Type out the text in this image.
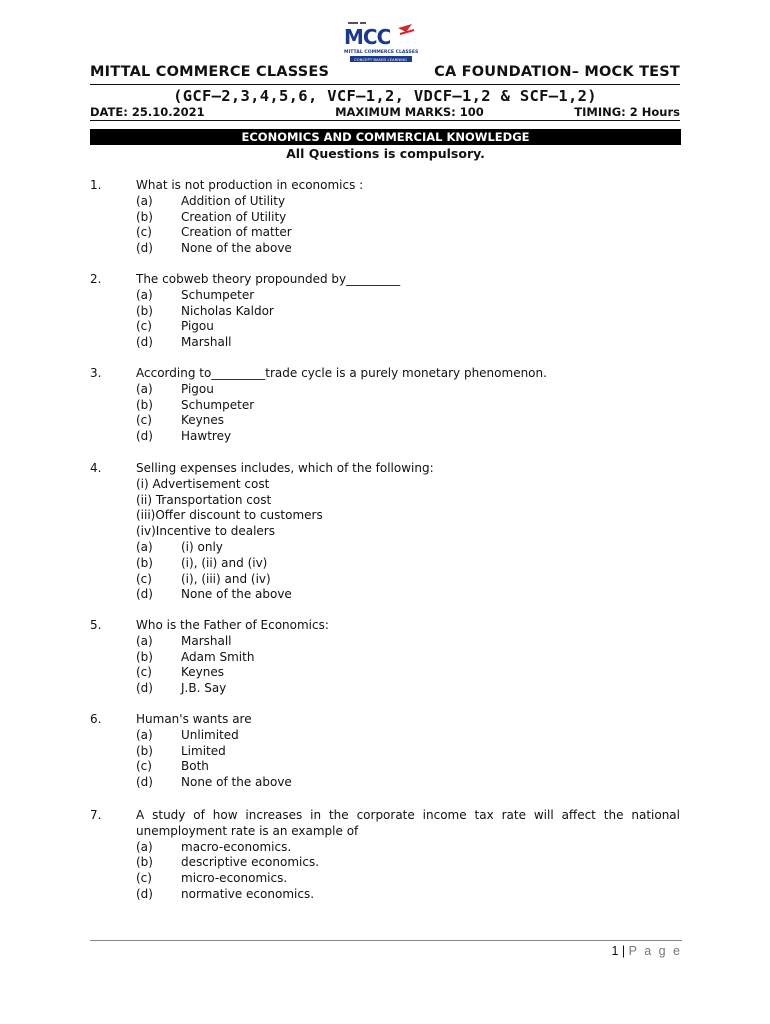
MCC
MITTAL COMMERCE CLASSES
CONCEPT BASED LEARNING
MITTAL COMMERCE CLASSES	CA FOUNDATION– MOCK TEST
(GCF–2,3,4,5,6, VCF–1,2, VDCF–1,2 & SCF–1,2)
DATE: 25.10.2021	MAXIMUM MARKS: 100	TIMING: 2 Hours
ECONOMICS AND COMMERCIAL KNOWLEDGE
All Questions is compulsory.
1.	What is not production in economics :
(a) Addition of Utility
(b) Creation of Utility
(c) Creation of matter
(d) None of the above
2.	The cobweb theory propounded by_________
(a) Schumpeter
(b) Nicholas Kaldor
(c) Pigou
(d) Marshall
3.	According to_________trade cycle is a purely monetary phenomenon.
(a) Pigou
(b) Schumpeter
(c) Keynes
(d) Hawtrey
4.	Selling expenses includes, which of the following:
(i) Advertisement cost
(ii) Transportation cost
(iii)Offer discount to customers
(iv)Incentive to dealers
(a) (i) only
(b) (i), (ii) and (iv)
(c) (i), (iii) and (iv)
(d) None of the above
5.	Who is the Father of Economics:
(a) Marshall
(b) Adam Smith
(c) Keynes
(d) J.B. Say
6.	Human's wants are
(a) Unlimited
(b) Limited
(c) Both
(d) None of the above
7.	A study of how increases in the corporate income tax rate will affect the national
unemployment rate is an example of
(a) macro-economics.
(b) descriptive economics.
(c) micro-economics.
(d) normative economics.
1 | P a g e
